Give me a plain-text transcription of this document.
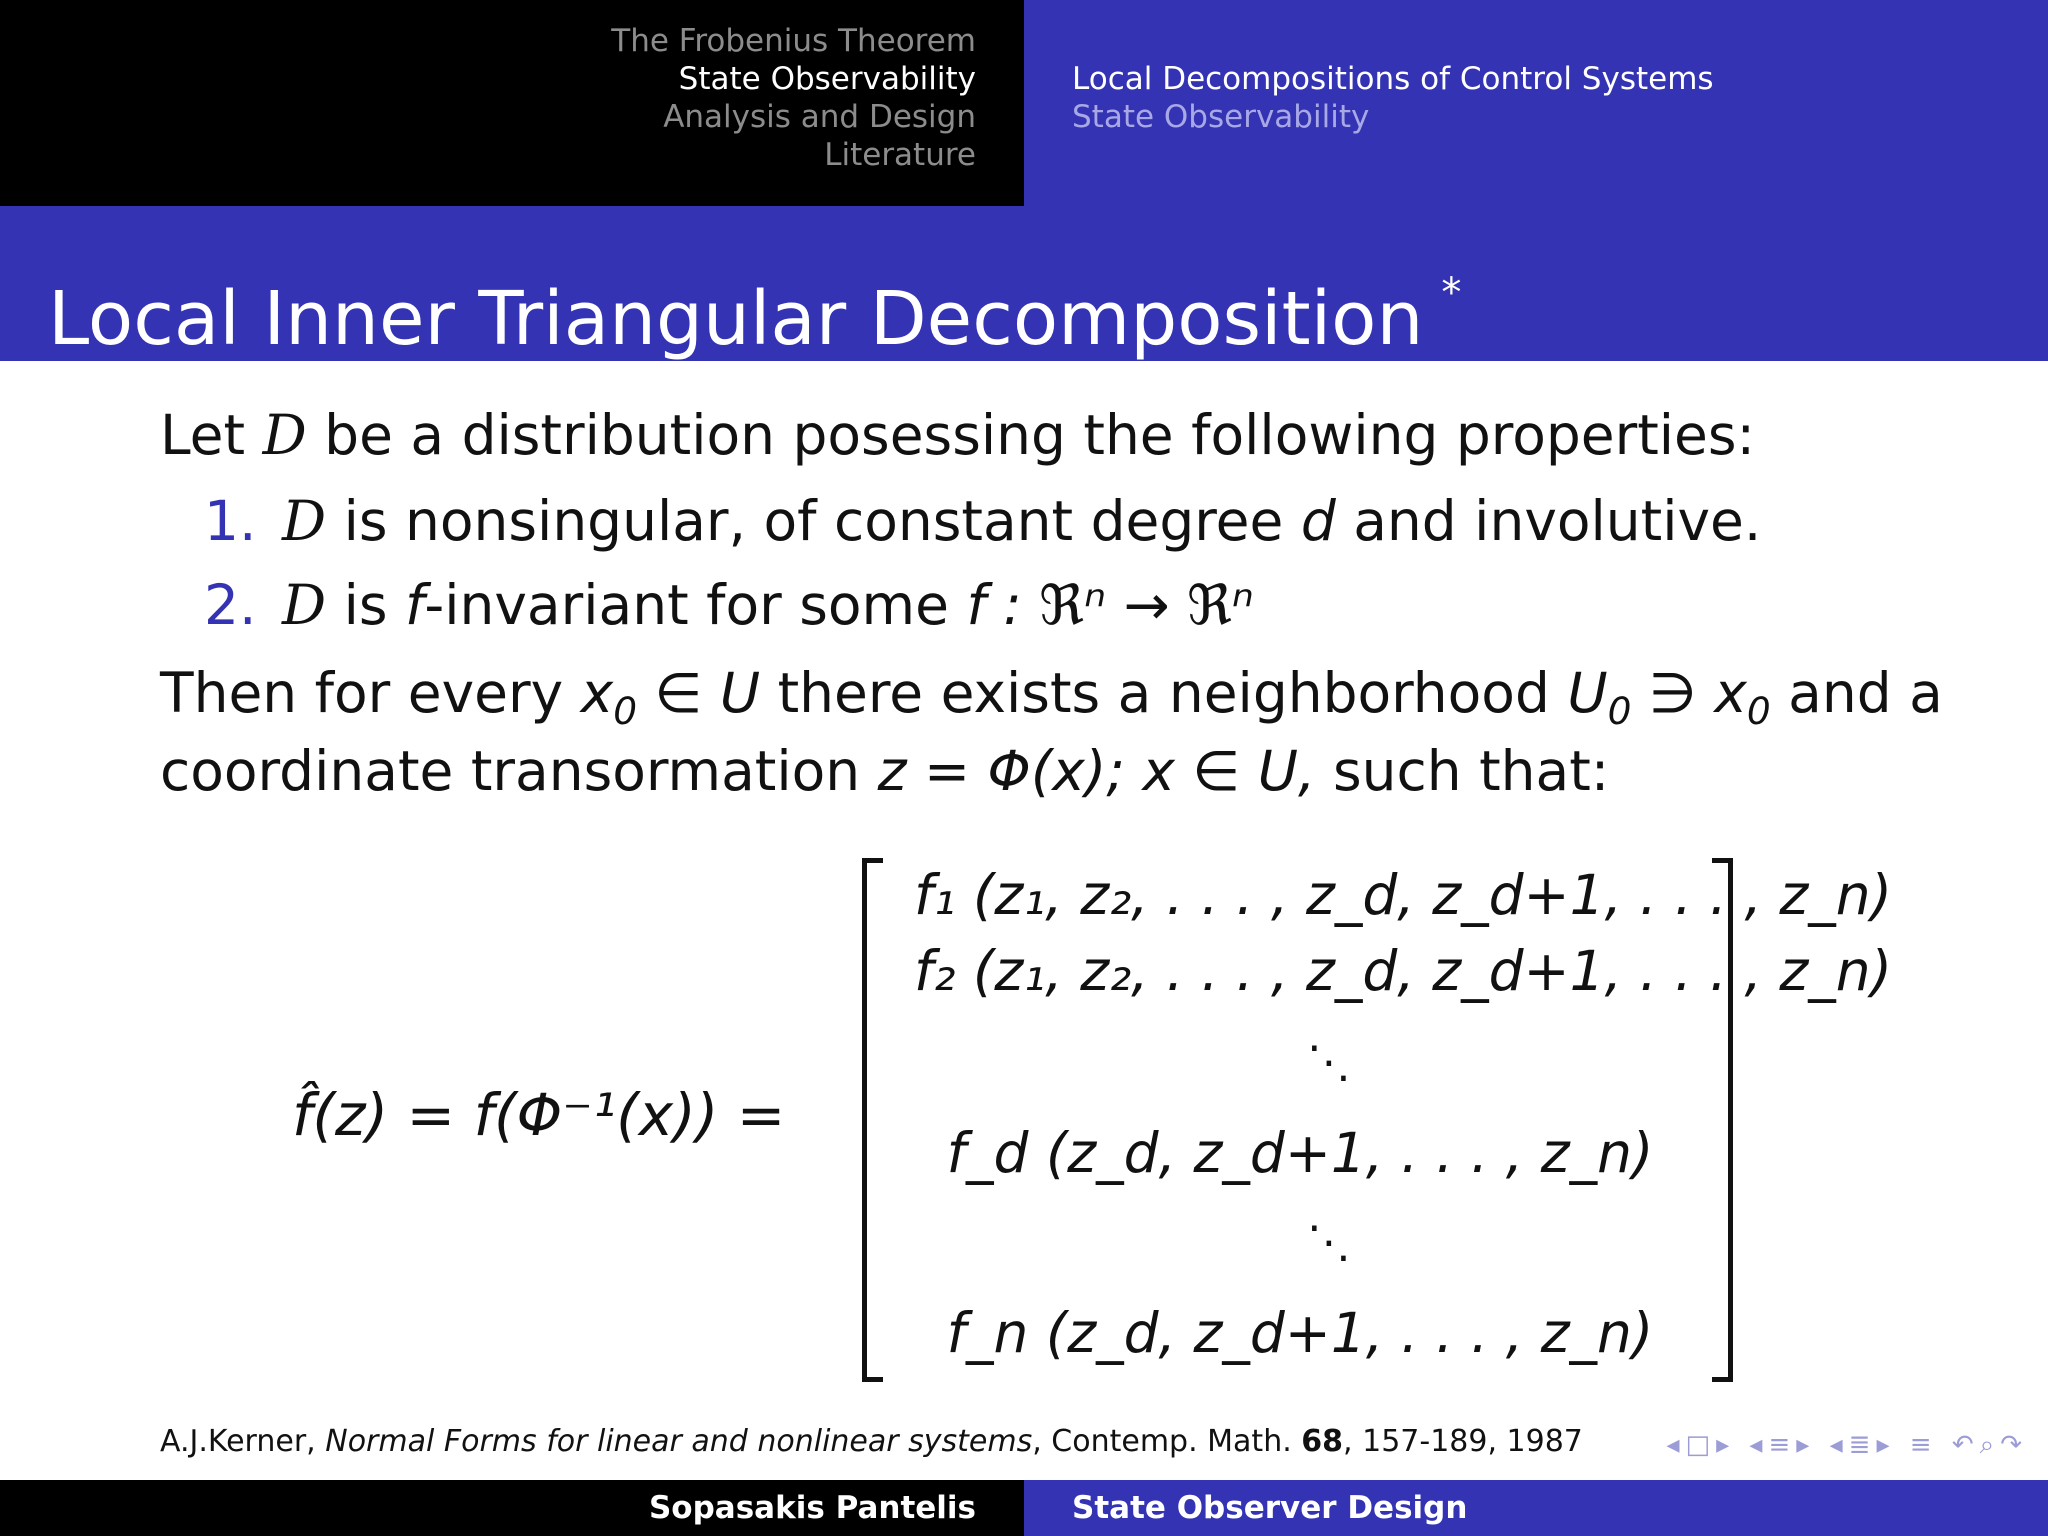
The Frobenius Theorem
State Observability
Analysis and Design
Literature
Local Decompositions of Control Systems
State Observability
Local Inner Triangular Decomposition *
Let D be a distribution posessing the following properties:
1. D is nonsingular, of constant degree d and involutive.
2. D is f-invariant for some f : ℜⁿ → ℜⁿ
Then for every $x_0$ ∈ U there exists a neighborhood $U_0$ ∋ $x_0$ and a
coordinate transormation z = Φ(x); x ∈ U, such that:
f̂(z) = f(Φ⁻¹(x)) =
f₁ (z₁, z₂, . . . , z_d, z_d+1, . . . , z_n)
f₂ (z₁, z₂, . . . , z_d, z_d+1, . . . , z_n)
⋱
f_d (z_d, z_d+1, . . . , z_n)
⋱
f_n (z_d, z_d+1, . . . , z_n)
A.J.Kerner, Normal Forms for linear and nonlinear systems, Contemp. Math. 68, 157-189, 1987	◂□▸ ◂≡▸ ◂≣▸ ≡ ↶⌕↷
Sopasakis Pantelis	State Observer Design
